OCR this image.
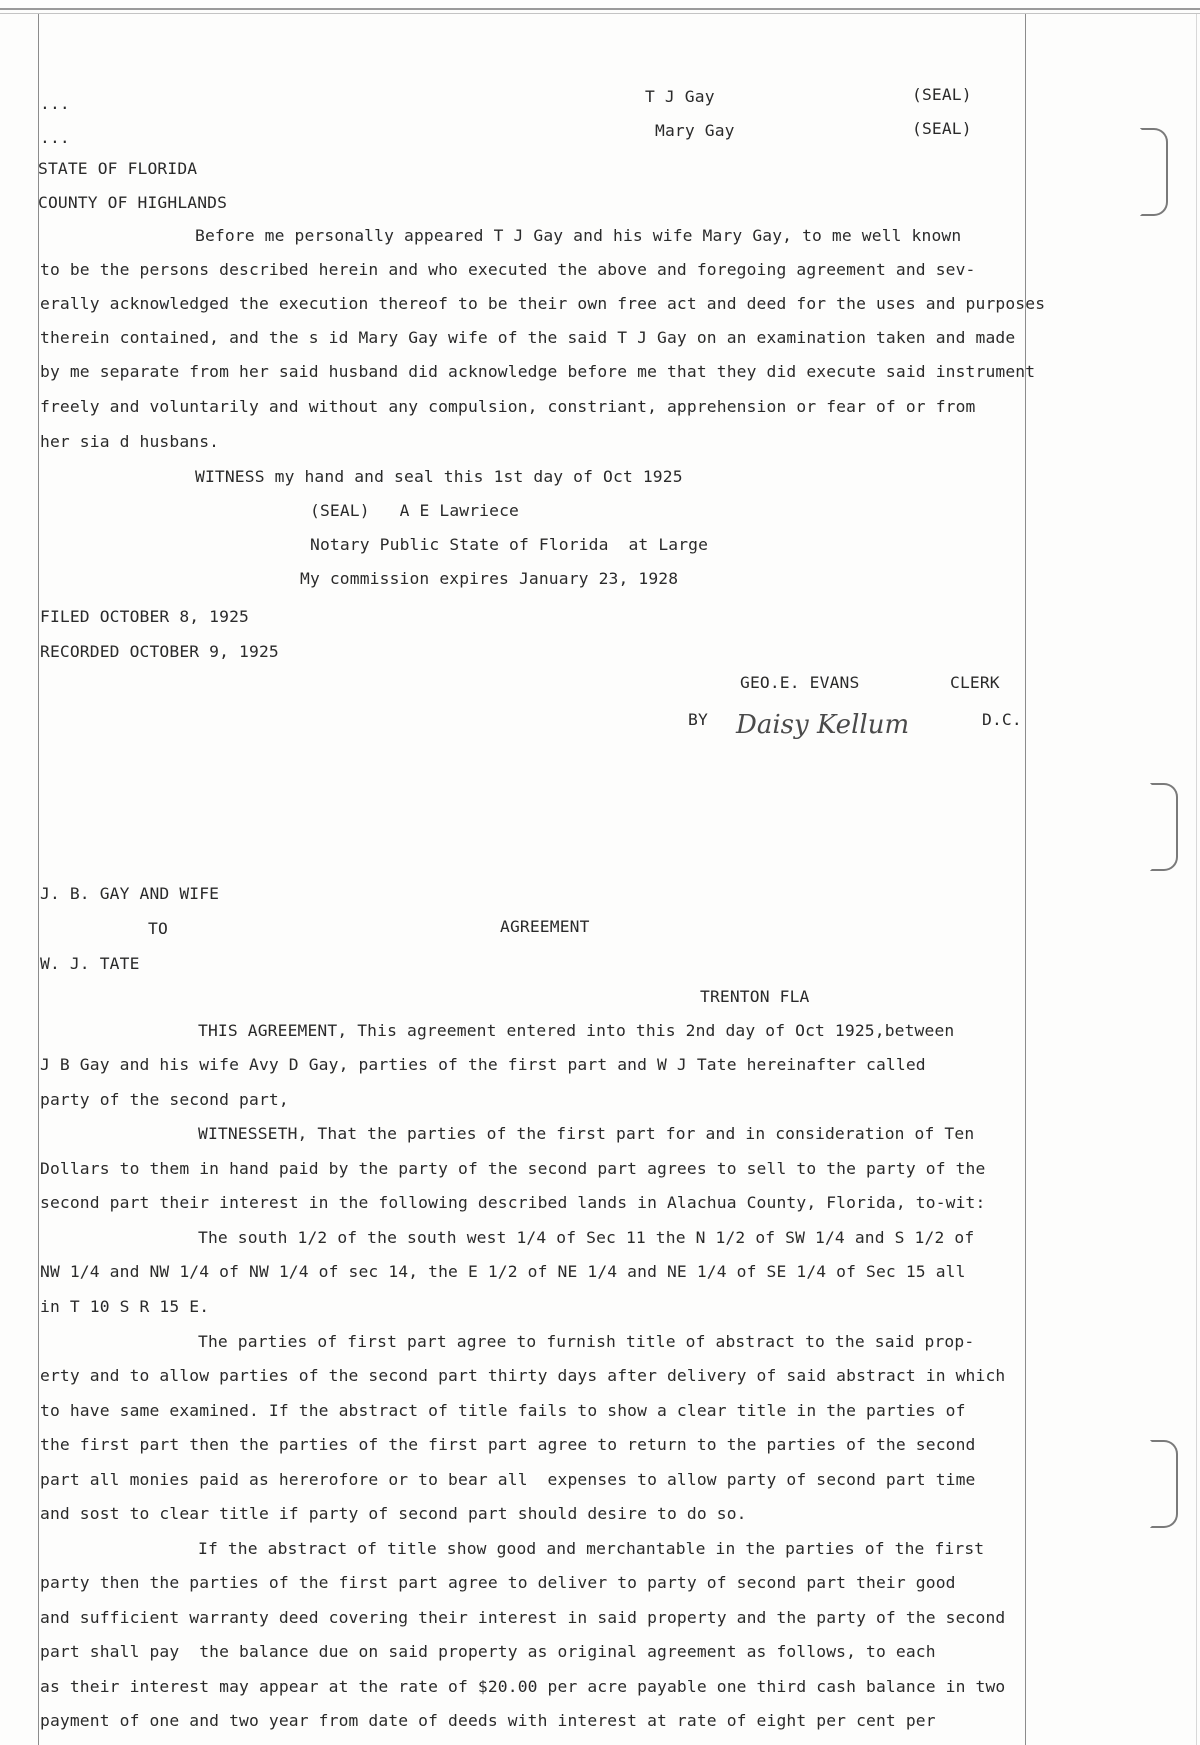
...
...
T J Gay	(SEAL)
Mary Gay	(SEAL)
STATE OF FLORIDA
COUNTY OF HIGHLANDS
Before me personally appeared T J Gay and his wife Mary Gay, to me well known
to be the persons described herein and who executed the above and foregoing agreement and sev-
erally acknowledged the execution thereof to be their own free act and deed for the uses and purposes
therein contained, and the s id Mary Gay wife of the said T J Gay on an examination taken and made
by me separate from her said husband did acknowledge before me that they did execute said instrument
freely and voluntarily and without any compulsion, constriant, apprehension or fear of or from
her sia d husbans.
WITNESS my hand and seal this 1st day of Oct 1925
(SEAL)   A E Lawriece
Notary Public State of Florida  at Large
My commission expires January 23, 1928
FILED OCTOBER 8, 1925
RECORDED OCTOBER 9, 1925
GEO.E. EVANS	CLERK
BY Daisy Kellum	D.C.
J. B. GAY AND WIFE
TO	AGREEMENT
W. J. TATE
TRENTON FLA
THIS AGREEMENT, This agreement entered into this 2nd day of Oct 1925,between
J B Gay and his wife Avy D Gay, parties of the first part and W J Tate hereinafter called
party of the second part,
WITNESSETH, That the parties of the first part for and in consideration of Ten
Dollars to them in hand paid by the party of the second part agrees to sell to the party of the
second part their interest in the following described lands in Alachua County, Florida, to-wit:
The south 1/2 of the south west 1/4 of Sec 11 the N 1/2 of SW 1/4 and S 1/2 of
NW 1/4 and NW 1/4 of NW 1/4 of sec 14, the E 1/2 of NE 1/4 and NE 1/4 of SE 1/4 of Sec 15 all
in T 10 S R 15 E.
The parties of first part agree to furnish title of abstract to the said prop-
erty and to allow parties of the second part thirty days after delivery of said abstract in which
to have same examined. If the abstract of title fails to show a clear title in the parties of
the first part then the parties of the first part agree to return to the parties of the second
part all monies paid as hererofore or to bear all  expenses to allow party of second part time
and sost to clear title if party of second part should desire to do so.
If the abstract of title show good and merchantable in the parties of the first
party then the parties of the first part agree to deliver to party of second part their good
and sufficient warranty deed covering their interest in said property and the party of the second
part shall pay  the balance due on said property as original agreement as follows, to each
as their interest may appear at the rate of $20.00 per acre payable one third cash balance in two
payment of one and two year from date of deeds with interest at rate of eight per cent per
